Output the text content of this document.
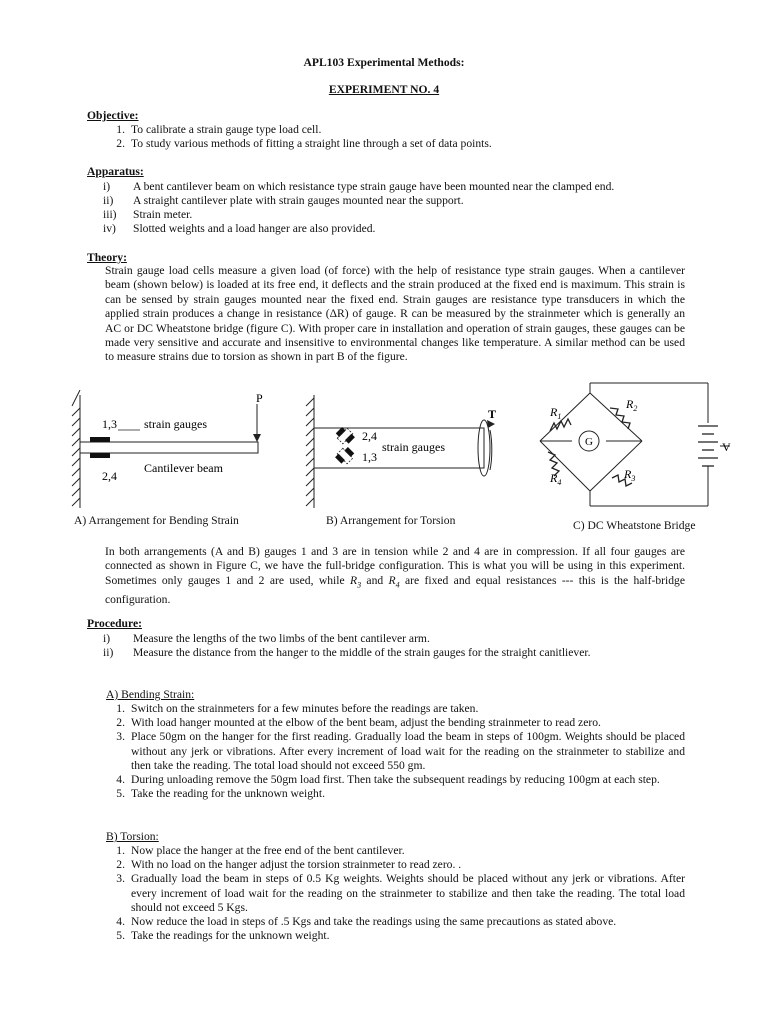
APL103 Experimental Methods:
EXPERIMENT NO. 4
Objective:
1. To calibrate a strain gauge type load cell.
2. To study various methods of fitting a straight line through a set of data points.
Apparatus:
i) A bent cantilever beam on which resistance type strain gauge have been mounted near the clamped end.
ii) A straight cantilever plate with strain gauges mounted near the support.
iii) Strain meter.
iv) Slotted weights and a load hanger are also provided.
Theory:
Strain gauge load cells measure a given load (of force) with the help of resistance type strain gauges. When a cantilever beam (shown below) is loaded at its free end, it deflects and the strain produced at the fixed end is maximum. This strain is can be sensed by strain gauges mounted near the fixed end. Strain gauges are resistance type transducers in which the applied strain produces a change in resistance (ΔR) of gauge. R can be measured by the strainmeter which is generally an AC or DC Wheatstone bridge (figure C). With proper care in installation and operation of strain gauges, these gauges can be made very sensitive and accurate and insensitive to environmental changes like temperature. A similar method can be used to measure strains due to torsion as shown in part B of the figure.
P
1,3 strain gauges
Cantilever beam
2,4
A) Arrangement for Bending Strain
T
2,4
strain gauges
1,3
B) Arrangement for Torsion
$R_1$
$R_2$
$R_3$
$R_4$
G	V
C) DC Wheatstone Bridge
In both arrangements (A and B) gauges 1 and 3 are in tension while 2 and 4 are in compression. If all four gauges are connected as shown in Figure C, we have the full-bridge configuration. This is what you will be using in this experiment. Sometimes only gauges 1 and 2 are used, while $R_3$ and $R_4$ are fixed and equal resistances --- this is the half-bridge configuration.
Procedure:
i) Measure the lengths of the two limbs of the bent cantilever arm.
ii) Measure the distance from the hanger to the middle of the strain gauges for the straight canitliever.
A) Bending Strain:
1. Switch on the strainmeters for a few minutes before the readings are taken.
2. With load hanger mounted at the elbow of the bent beam, adjust the bending strainmeter to read zero.
3. Place 50gm on the hanger for the first reading. Gradually load the beam in steps of 100gm. Weights should be placed without any jerk or vibrations. After every increment of load wait for the reading on the strainmeter to stabilize and then take the reading. The total load should not exceed 550 gm.
4. During unloading remove the 50gm load first. Then take the subsequent readings by reducing 100gm at each step.
5. Take the reading for the unknown weight.
B) Torsion:
1. Now place the hanger at the free end of the bent cantilever.
2. With no load on the hanger adjust the torsion strainmeter to read zero. .
3. Gradually load the beam in steps of 0.5 Kg weights. Weights should be placed without any jerk or vibrations. After every increment of load wait for the reading on the strainmeter to stabilize and then take the reading. The total load should not exceed 5 Kgs.
4. Now reduce the load in steps of .5 Kgs and take the readings using the same precautions as stated above.
5. Take the readings for the unknown weight.
